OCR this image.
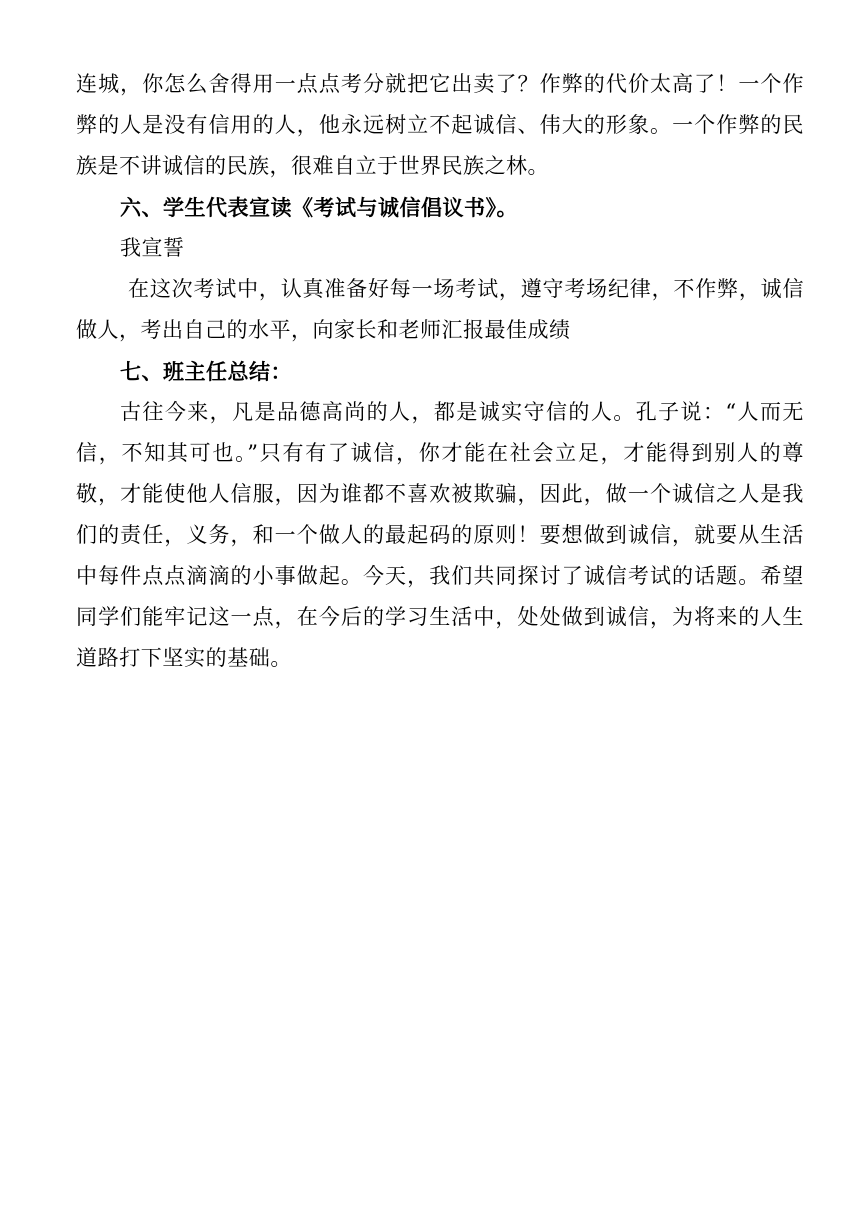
连城，你怎么舍得用一点点考分就把它出卖了？作弊的代价太高了！一个作弊的人是没有信用的人，他永远树立不起诚信、伟大的形象。一个作弊的民族是不讲诚信的民族，很难自立于世界民族之林。

六、学生代表宣读《考试与诚信倡议书》。

我宣誓

在这次考试中，认真准备好每一场考试，遵守考场纪律，不作弊，诚信做人，考出自己的水平，向家长和老师汇报最佳成绩

七、班主任总结：

古往今来，凡是品德高尚的人，都是诚实守信的人。孔子说：“人而无信，不知其可也。”只有有了诚信，你才能在社会立足，才能得到别人的尊敬，才能使他人信服，因为谁都不喜欢被欺骗，因此，做一个诚信之人是我们的责任，义务，和一个做人的最起码的原则！要想做到诚信，就要从生活中每件点点滴滴的小事做起。今天，我们共同探讨了诚信考试的话题。希望同学们能牢记这一点，在今后的学习生活中，处处做到诚信，为将来的人生道路打下坚实的基础。
